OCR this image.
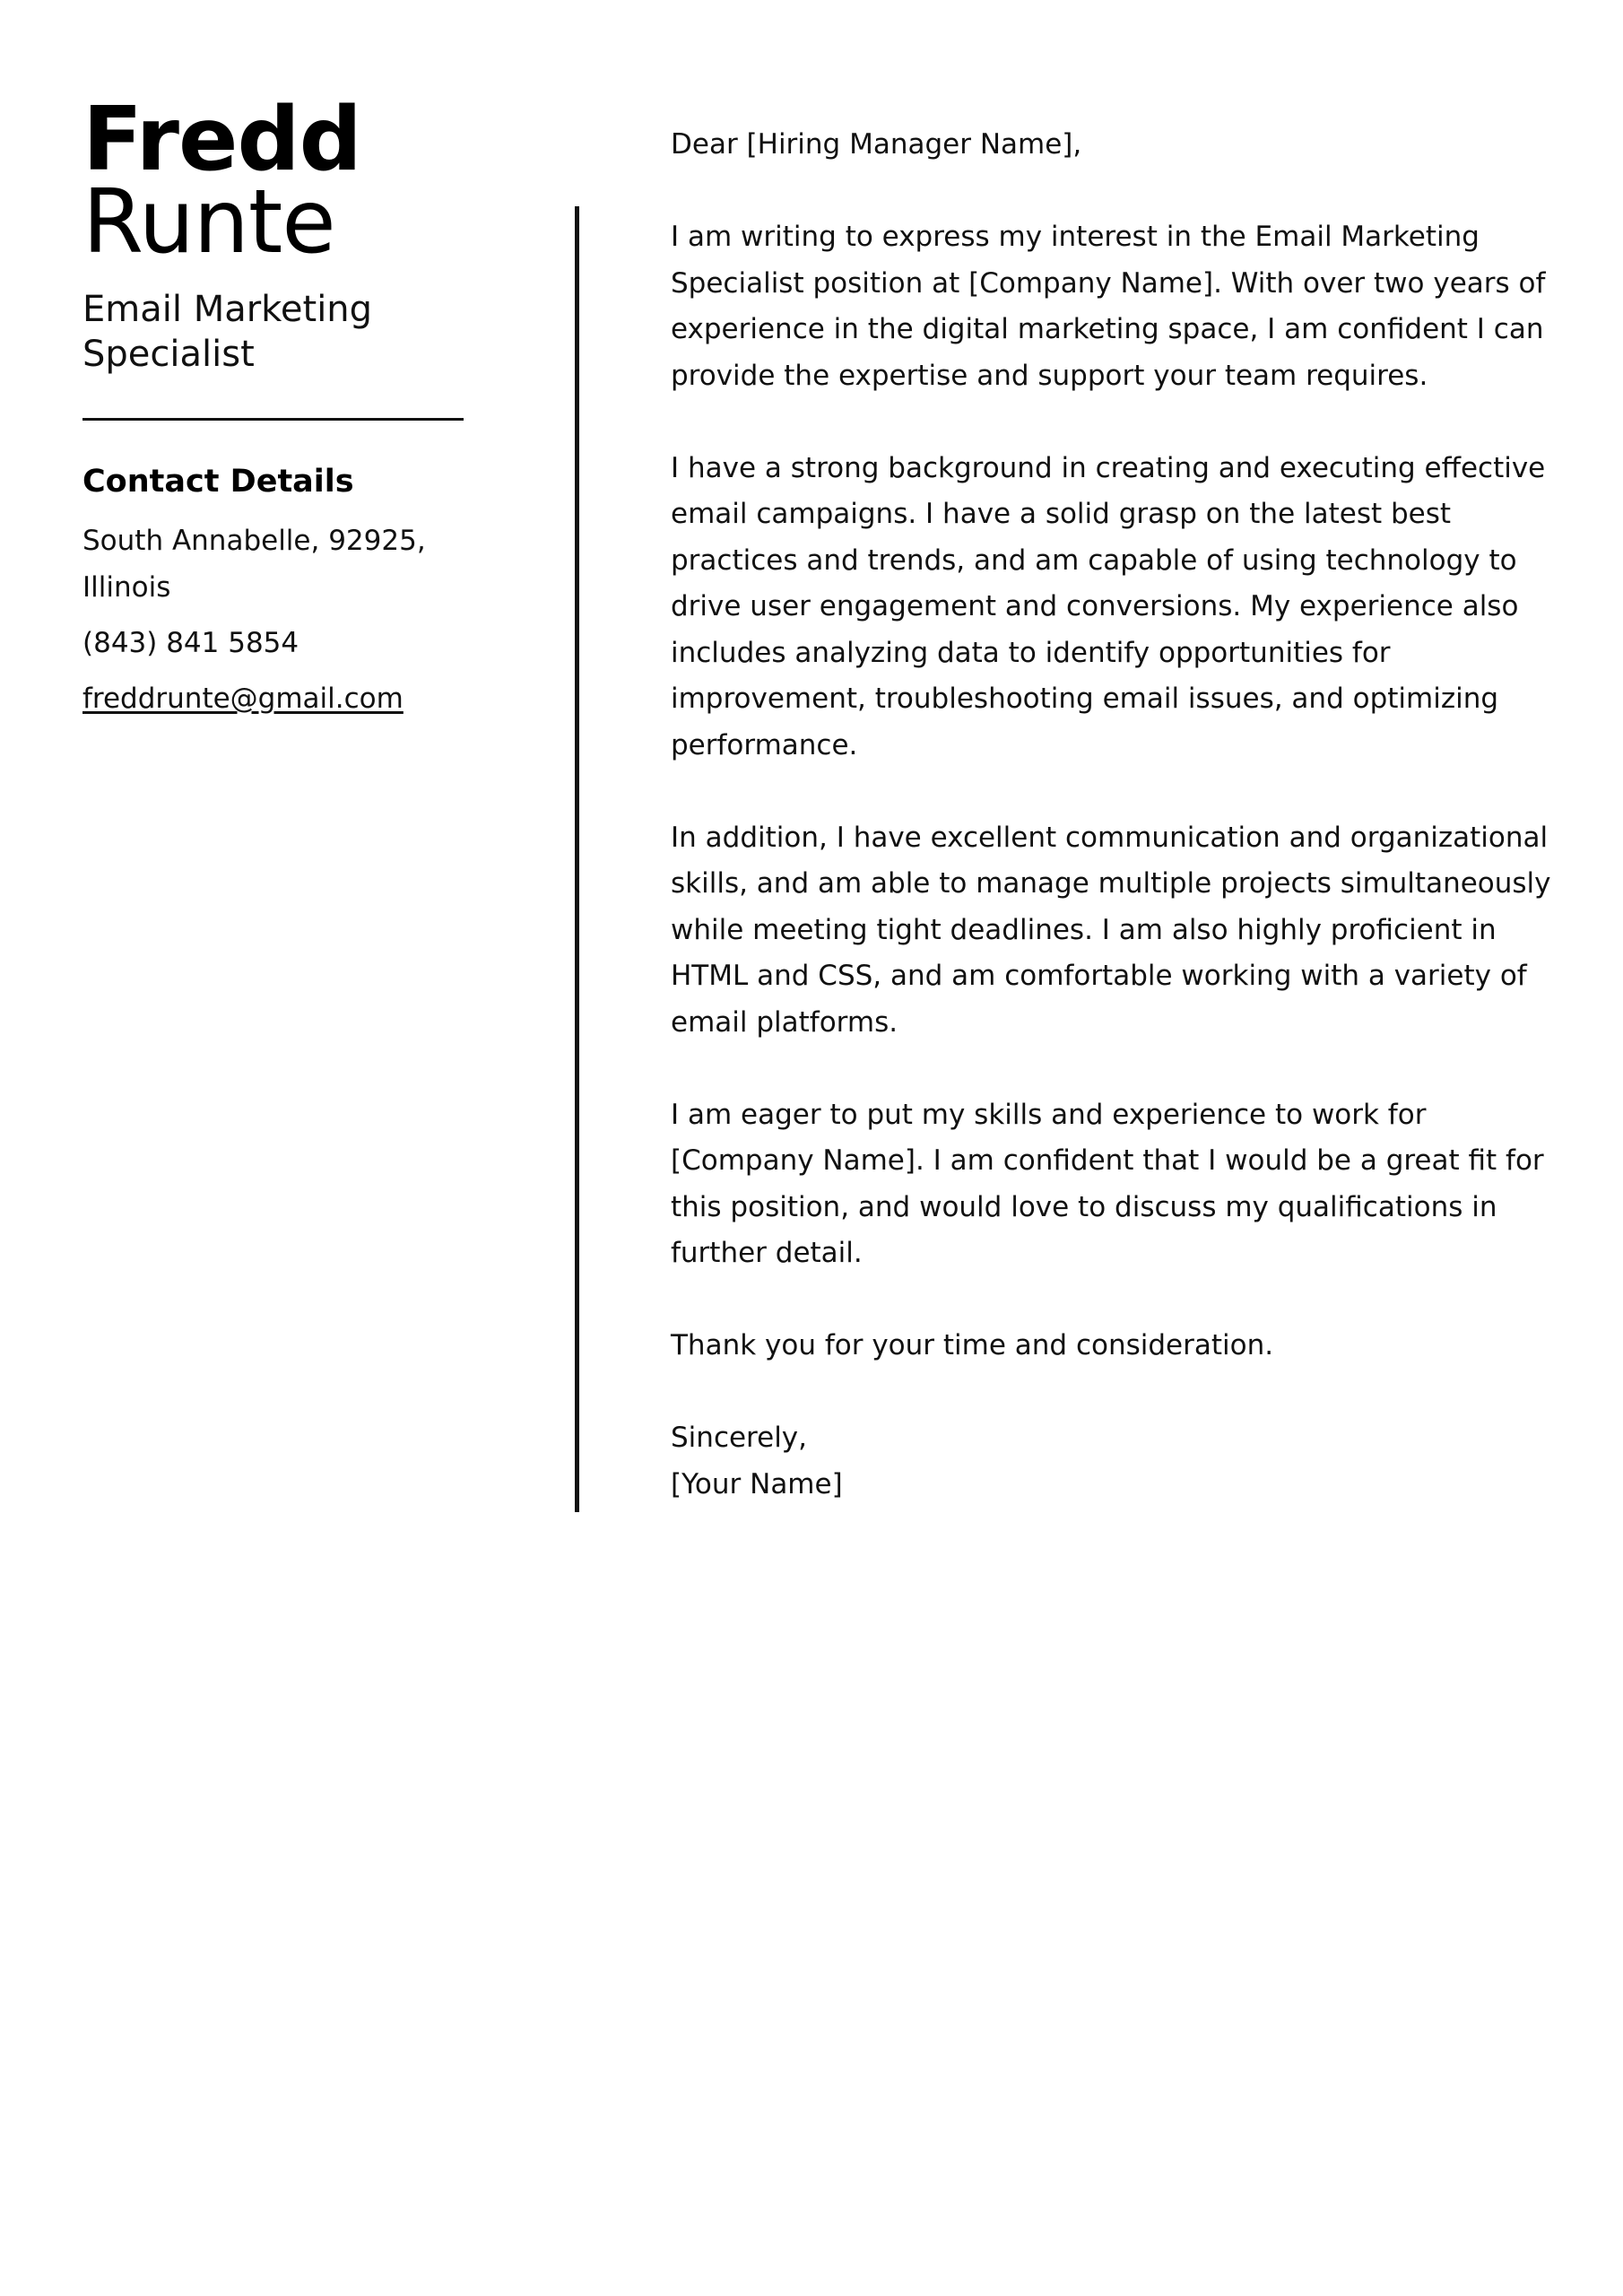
Fredd
Runte
Email Marketing Specialist
Contact Details
South Annabelle, 92925, Illinois
(843) 841 5854
freddrunte@gmail.com

Dear [Hiring Manager Name],

I am writing to express my interest in the Email Marketing Specialist position at [Company Name]. With over two years of experience in the digital marketing space, I am confident I can provide the expertise and support your team requires.

I have a strong background in creating and executing effective email campaigns. I have a solid grasp on the latest best practices and trends, and am capable of using technology to drive user engagement and conversions. My experience also includes analyzing data to identify opportunities for improvement, troubleshooting email issues, and optimizing performance.

In addition, I have excellent communication and organizational skills, and am able to manage multiple projects simultaneously while meeting tight deadlines. I am also highly proficient in HTML and CSS, and am comfortable working with a variety of email platforms.

I am eager to put my skills and experience to work for [Company Name]. I am confident that I would be a great fit for this position, and would love to discuss my qualifications in further detail.

Thank you for your time and consideration.

Sincerely,
[Your Name]
